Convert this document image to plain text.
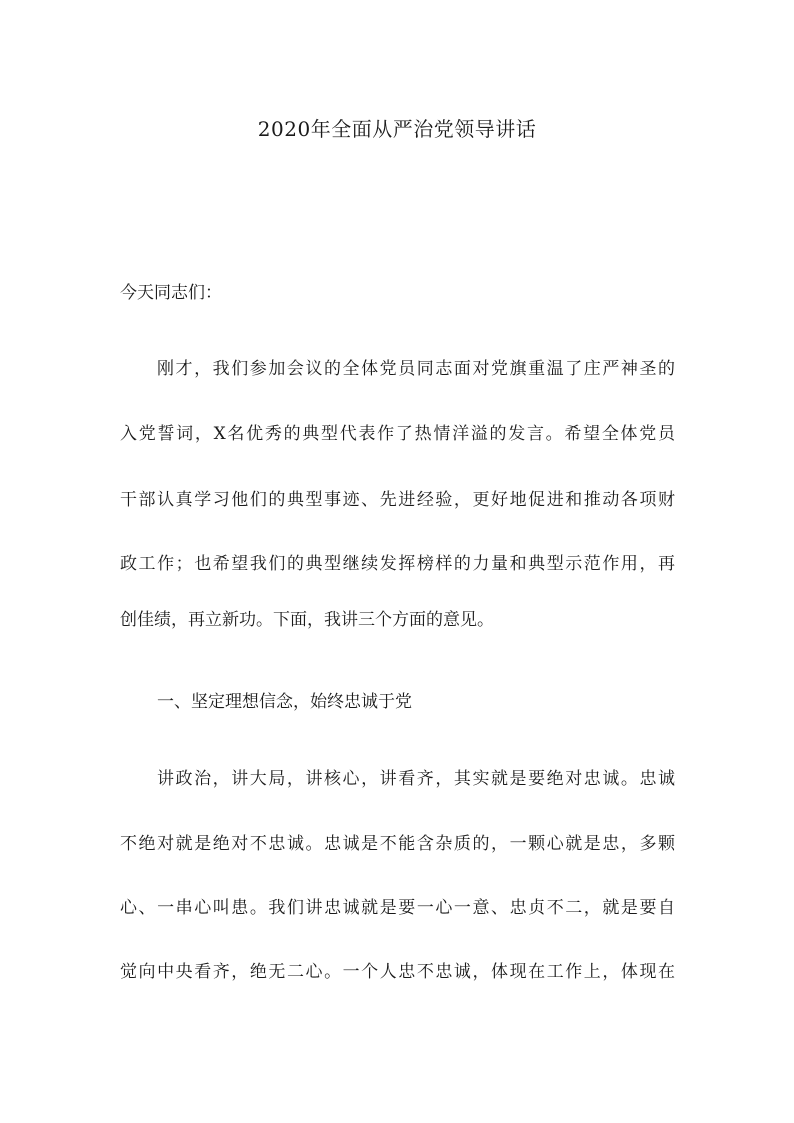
2020年全面从严治党领导讲话
今天同志们：
刚才，我们参加会议的全体党员同志面对党旗重温了庄严神圣的
入党誓词，X名优秀的典型代表作了热情洋溢的发言。希望全体党员
干部认真学习他们的典型事迹、先进经验，更好地促进和推动各项财
政工作；也希望我们的典型继续发挥榜样的力量和典型示范作用，再
创佳绩，再立新功。下面，我讲三个方面的意见。
一、坚定理想信念，始终忠诚于党
讲政治，讲大局，讲核心，讲看齐，其实就是要绝对忠诚。忠诚
不绝对就是绝对不忠诚。忠诚是不能含杂质的，一颗心就是忠，多颗
心、一串心叫患。我们讲忠诚就是要一心一意、忠贞不二，就是要自
觉向中央看齐，绝无二心。一个人忠不忠诚，体现在工作上，体现在
